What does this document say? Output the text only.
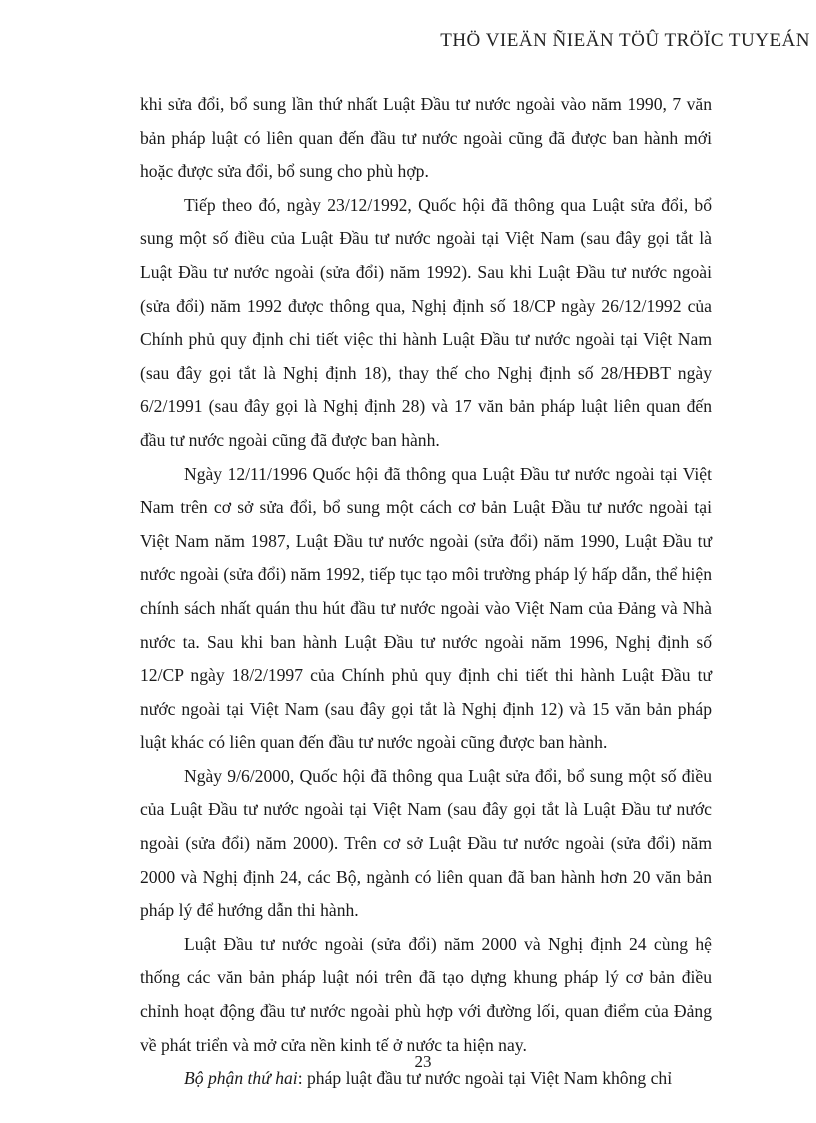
THÖ VIEÄN ÑIEÄN TÖÛ TRÖÏC TUYEÁN

khi sửa đổi, bổ sung lần thứ nhất Luật Đầu tư nước ngoài vào năm 1990, 7 văn bản pháp luật có liên quan đến đầu tư nước ngoài cũng đã được ban hành mới hoặc được sửa đổi, bổ sung cho phù hợp.

Tiếp theo đó, ngày 23/12/1992, Quốc hội đã thông qua Luật sửa đổi, bổ sung một số điều của Luật Đầu tư nước ngoài tại Việt Nam (sau đây gọi tắt là Luật Đầu tư nước ngoài (sửa đổi) năm 1992). Sau khi Luật Đầu tư nước ngoài (sửa đổi) năm 1992 được thông qua, Nghị định số 18/CP ngày 26/12/1992 của Chính phủ quy định chi tiết việc thi hành Luật Đầu tư nước ngoài tại Việt Nam (sau đây gọi tắt là Nghị định 18), thay thế cho Nghị định số 28/HĐBT ngày 6/2/1991 (sau đây gọi là Nghị định 28) và 17 văn bản pháp luật liên quan đến đầu tư nước ngoài cũng đã được ban hành.

Ngày 12/11/1996 Quốc hội đã thông qua Luật Đầu tư nước ngoài tại Việt Nam trên cơ sở sửa đổi, bổ sung một cách cơ bản Luật Đầu tư nước ngoài tại Việt Nam năm 1987, Luật Đầu tư nước ngoài (sửa đổi) năm 1990, Luật Đầu tư nước ngoài (sửa đổi) năm 1992, tiếp tục tạo môi trường pháp lý hấp dẫn, thể hiện chính sách nhất quán thu hút đầu tư nước ngoài vào Việt Nam của Đảng và Nhà nước ta. Sau khi ban hành Luật Đầu tư nước ngoài năm 1996, Nghị định số 12/CP ngày 18/2/1997 của Chính phủ quy định chi tiết thi hành Luật Đầu tư nước ngoài tại Việt Nam (sau đây gọi tắt là Nghị định 12) và 15 văn bản pháp luật khác có liên quan đến đầu tư nước ngoài cũng được ban hành.

Ngày 9/6/2000, Quốc hội đã thông qua Luật sửa đổi, bổ sung một số điều của Luật Đầu tư nước ngoài tại Việt Nam (sau đây gọi tắt là Luật Đầu tư nước ngoài (sửa đổi) năm 2000). Trên cơ sở Luật Đầu tư nước ngoài (sửa đổi) năm 2000 và Nghị định 24, các Bộ, ngành có liên quan đã ban hành hơn 20 văn bản pháp lý để hướng dẫn thi hành.

Luật Đầu tư nước ngoài (sửa đổi) năm 2000 và Nghị định 24 cùng hệ thống các văn bản pháp luật nói trên đã tạo dựng khung pháp lý cơ bản điều chỉnh hoạt động đầu tư nước ngoài phù hợp với đường lối, quan điểm của Đảng về phát triển và mở cửa nền kinh tế ở nước ta hiện nay.

Bộ phận thứ hai: pháp luật đầu tư nước ngoài tại Việt Nam không chỉ

23
